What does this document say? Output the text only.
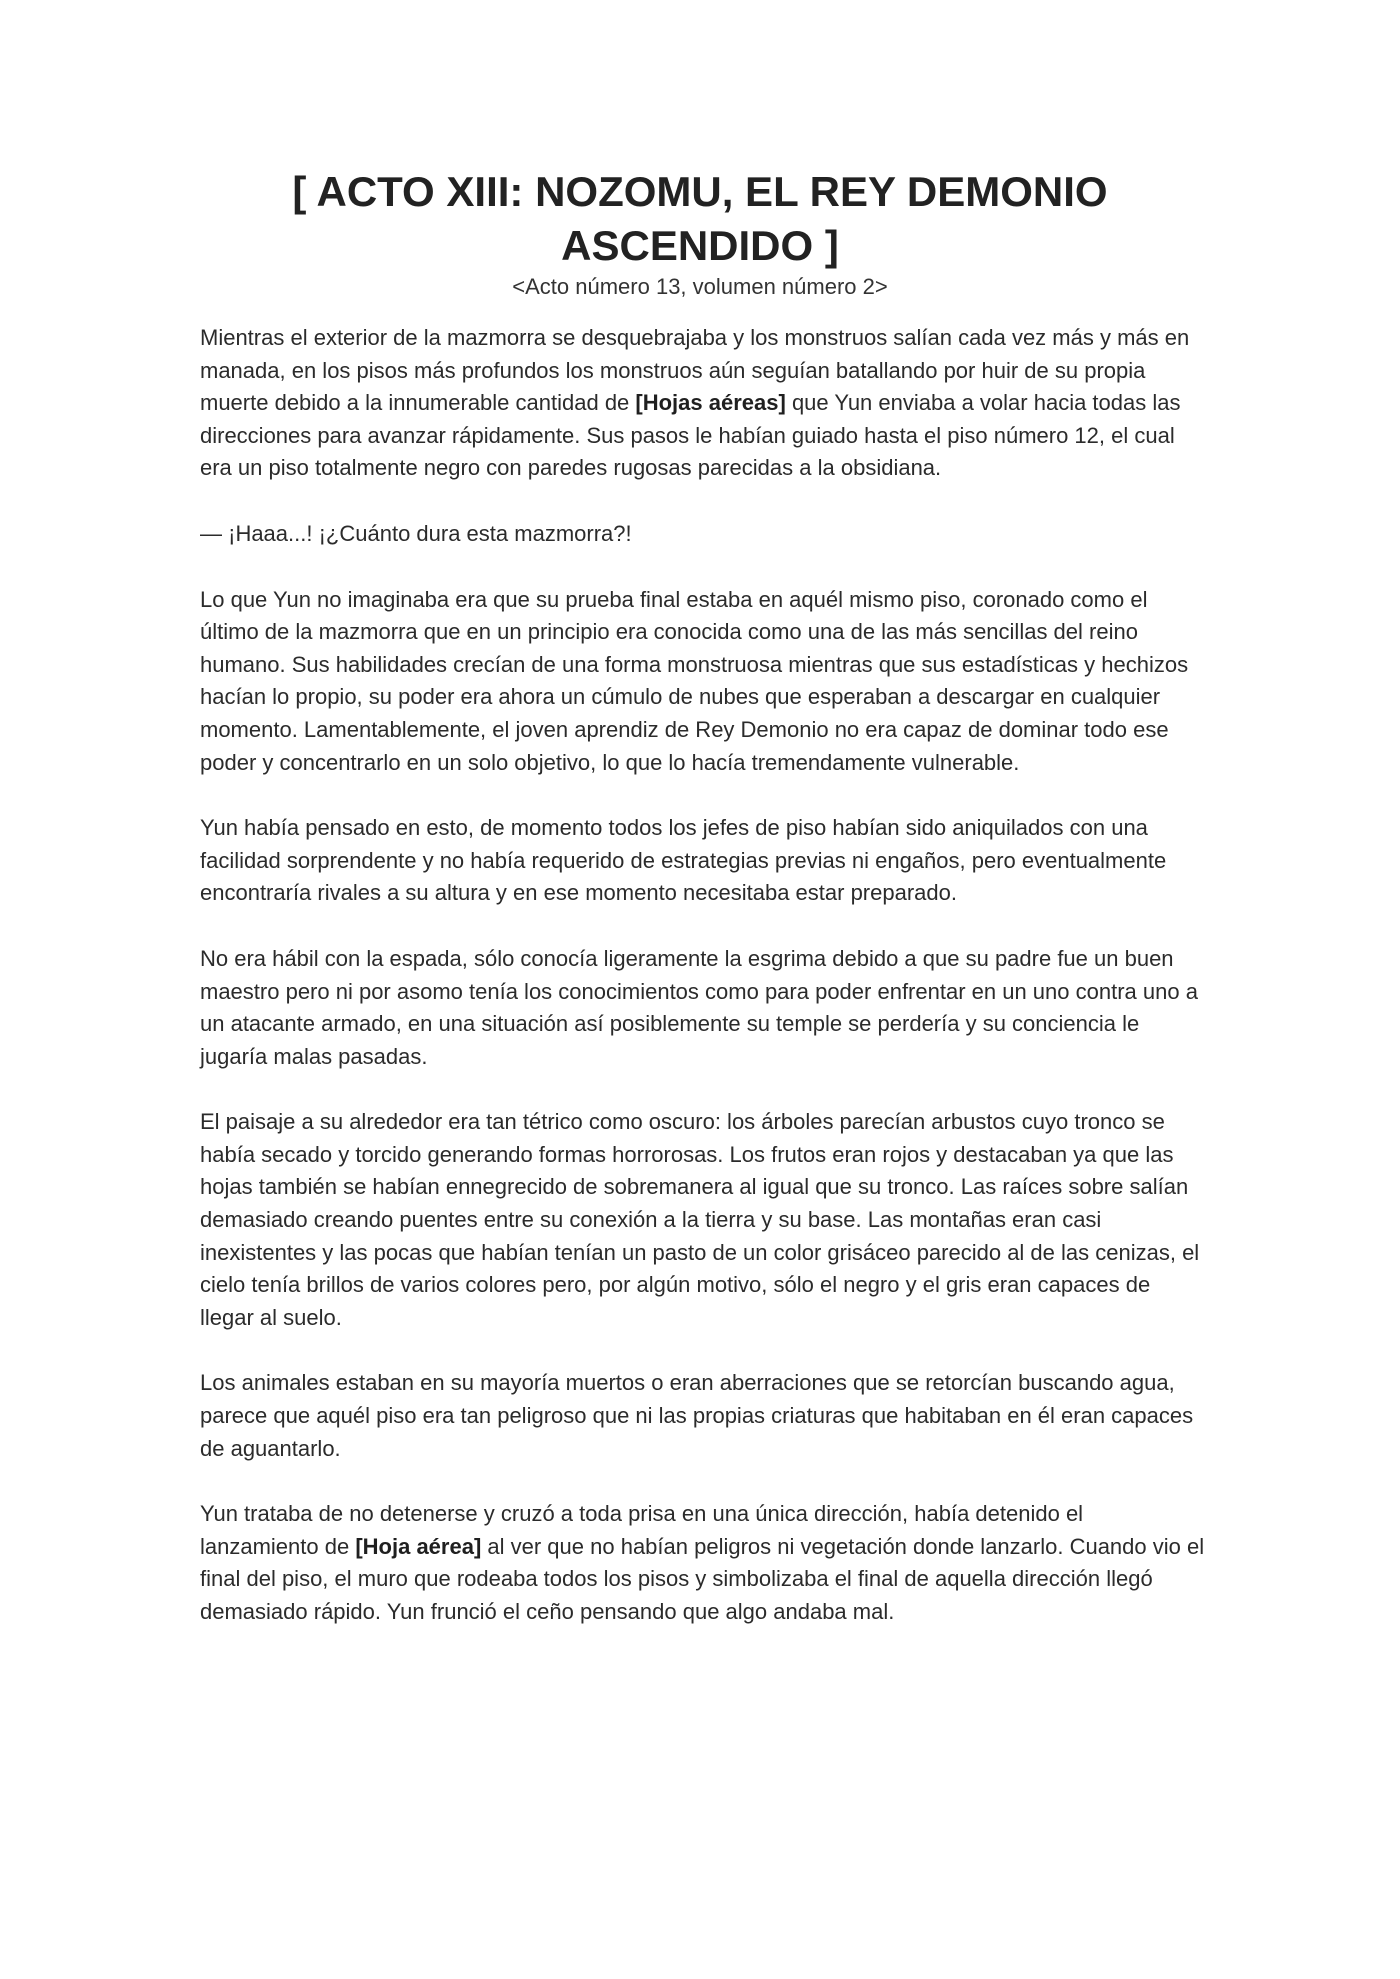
[ ACTO XIII: NOZOMU, EL REY DEMONIO
ASCENDIDO ]

<Acto número 13, volumen número 2>

Mientras el exterior de la mazmorra se desquebrajaba y los monstruos salían cada vez más y más en manada, en los pisos más profundos los monstruos aún seguían batallando por huir de su propia muerte debido a la innumerable cantidad de [Hojas aéreas] que Yun enviaba a volar hacia todas las direcciones para avanzar rápidamente. Sus pasos le habían guiado hasta el piso número 12, el cual era un piso totalmente negro con paredes rugosas parecidas a la obsidiana.

— ¡Haaa...! ¡¿Cuánto dura esta mazmorra?!

Lo que Yun no imaginaba era que su prueba final estaba en aquél mismo piso, coronado como el último de la mazmorra que en un principio era conocida como una de las más sencillas del reino humano. Sus habilidades crecían de una forma monstruosa mientras que sus estadísticas y hechizos hacían lo propio, su poder era ahora un cúmulo de nubes que esperaban a descargar en cualquier momento. Lamentablemente, el joven aprendiz de Rey Demonio no era capaz de dominar todo ese poder y concentrarlo en un solo objetivo, lo que lo hacía tremendamente vulnerable.

Yun había pensado en esto, de momento todos los jefes de piso habían sido aniquilados con una facilidad sorprendente y no había requerido de estrategias previas ni engaños, pero eventualmente encontraría rivales a su altura y en ese momento necesitaba estar preparado.

No era hábil con la espada, sólo conocía ligeramente la esgrima debido a que su padre fue un buen maestro pero ni por asomo tenía los conocimientos como para poder enfrentar en un uno contra uno a un atacante armado, en una situación así posiblemente su temple se perdería y su conciencia le jugaría malas pasadas.

El paisaje a su alrededor era tan tétrico como oscuro: los árboles parecían arbustos cuyo tronco se había secado y torcido generando formas horrorosas. Los frutos eran rojos y destacaban ya que las hojas también se habían ennegrecido de sobremanera al igual que su tronco. Las raíces sobre salían demasiado creando puentes entre su conexión a la tierra y su base. Las montañas eran casi inexistentes y las pocas que habían tenían un pasto de un color grisáceo parecido al de las cenizas, el cielo tenía brillos de varios colores pero, por algún motivo, sólo el negro y el gris eran capaces de llegar al suelo.

Los animales estaban en su mayoría muertos o eran aberraciones que se retorcían buscando agua, parece que aquél piso era tan peligroso que ni las propias criaturas que habitaban en él eran capaces de aguantarlo.

Yun trataba de no detenerse y cruzó a toda prisa en una única dirección, había detenido el lanzamiento de [Hoja aérea] al ver que no habían peligros ni vegetación donde lanzarlo. Cuando vio el final del piso, el muro que rodeaba todos los pisos y simbolizaba el final de aquella dirección llegó demasiado rápido. Yun frunció el ceño pensando que algo andaba mal.
